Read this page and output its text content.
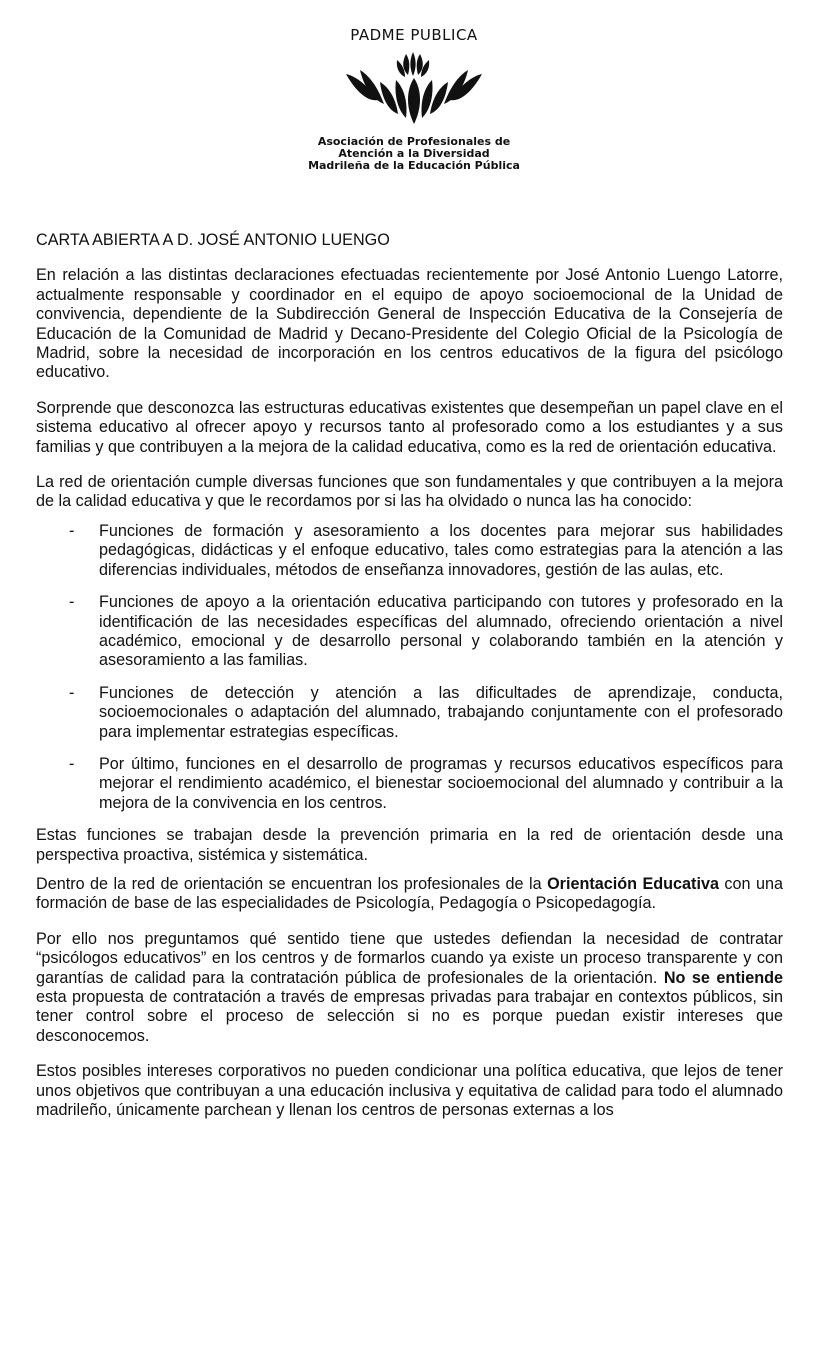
PADME PUBLICA
Asociación de Profesionales de
Atención a la Diversidad
Madrileña de la Educación Pública
CARTA ABIERTA A D. JOSÉ ANTONIO LUENGO

En relación a las distintas declaraciones efectuadas recientemente por José Antonio Luengo Latorre, actualmente responsable y coordinador en el equipo de apoyo socioemocional de la Unidad de convivencia, dependiente de la Subdirección General de Inspección Educativa de la Consejería de Educación de la Comunidad de Madrid y Decano-Presidente del Colegio Oficial de la Psicología de Madrid, sobre la necesidad de incorporación en los centros educativos de la figura del psicólogo educativo.

Sorprende que desconozca las estructuras educativas existentes que desempeñan un papel clave en el sistema educativo al ofrecer apoyo y recursos tanto al profesorado como a los estudiantes y a sus familias y que contribuyen a la mejora de la calidad educativa, como es la red de orientación educativa.

La red de orientación cumple diversas funciones que son fundamentales y que contribuyen a la mejora de la calidad educativa y que le recordamos por si las ha olvidado o nunca las ha conocido:

- Funciones de formación y asesoramiento a los docentes para mejorar sus habilidades pedagógicas, didácticas y el enfoque educativo, tales como estrategias para la atención a las diferencias individuales, métodos de enseñanza innovadores, gestión de las aulas, etc.
- Funciones de apoyo a la orientación educativa participando con tutores y profesorado en la identificación de las necesidades específicas del alumnado, ofreciendo orientación a nivel académico, emocional y de desarrollo personal y colaborando también en la atención y asesoramiento a las familias.
- Funciones de detección y atención a las dificultades de aprendizaje, conducta, socioemocionales o adaptación del alumnado, trabajando conjuntamente con el profesorado para implementar estrategias específicas.
- Por último, funciones en el desarrollo de programas y recursos educativos específicos para mejorar el rendimiento académico, el bienestar socioemocional del alumnado y contribuir a la mejora de la convivencia en los centros.

Estas funciones se trabajan desde la prevención primaria en la red de orientación desde una perspectiva proactiva, sistémica y sistemática.

Dentro de la red de orientación se encuentran los profesionales de la Orientación Educativa con una formación de base de las especialidades de Psicología, Pedagogía o Psicopedagogía.

Por ello nos preguntamos qué sentido tiene que ustedes defiendan la necesidad de contratar “psicólogos educativos” en los centros y de formarlos cuando ya existe un proceso transparente y con garantías de calidad para la contratación pública de profesionales de la orientación. No se entiende esta propuesta de contratación a través de empresas privadas para trabajar en contextos públicos, sin tener control sobre el proceso de selección si no es porque puedan existir intereses que desconocemos.

Estos posibles intereses corporativos no pueden condicionar una política educativa, que lejos de tener unos objetivos que contribuyan a una educación inclusiva y equitativa de calidad para todo el alumnado madrileño, únicamente parchean y llenan los centros de personas externas a los
